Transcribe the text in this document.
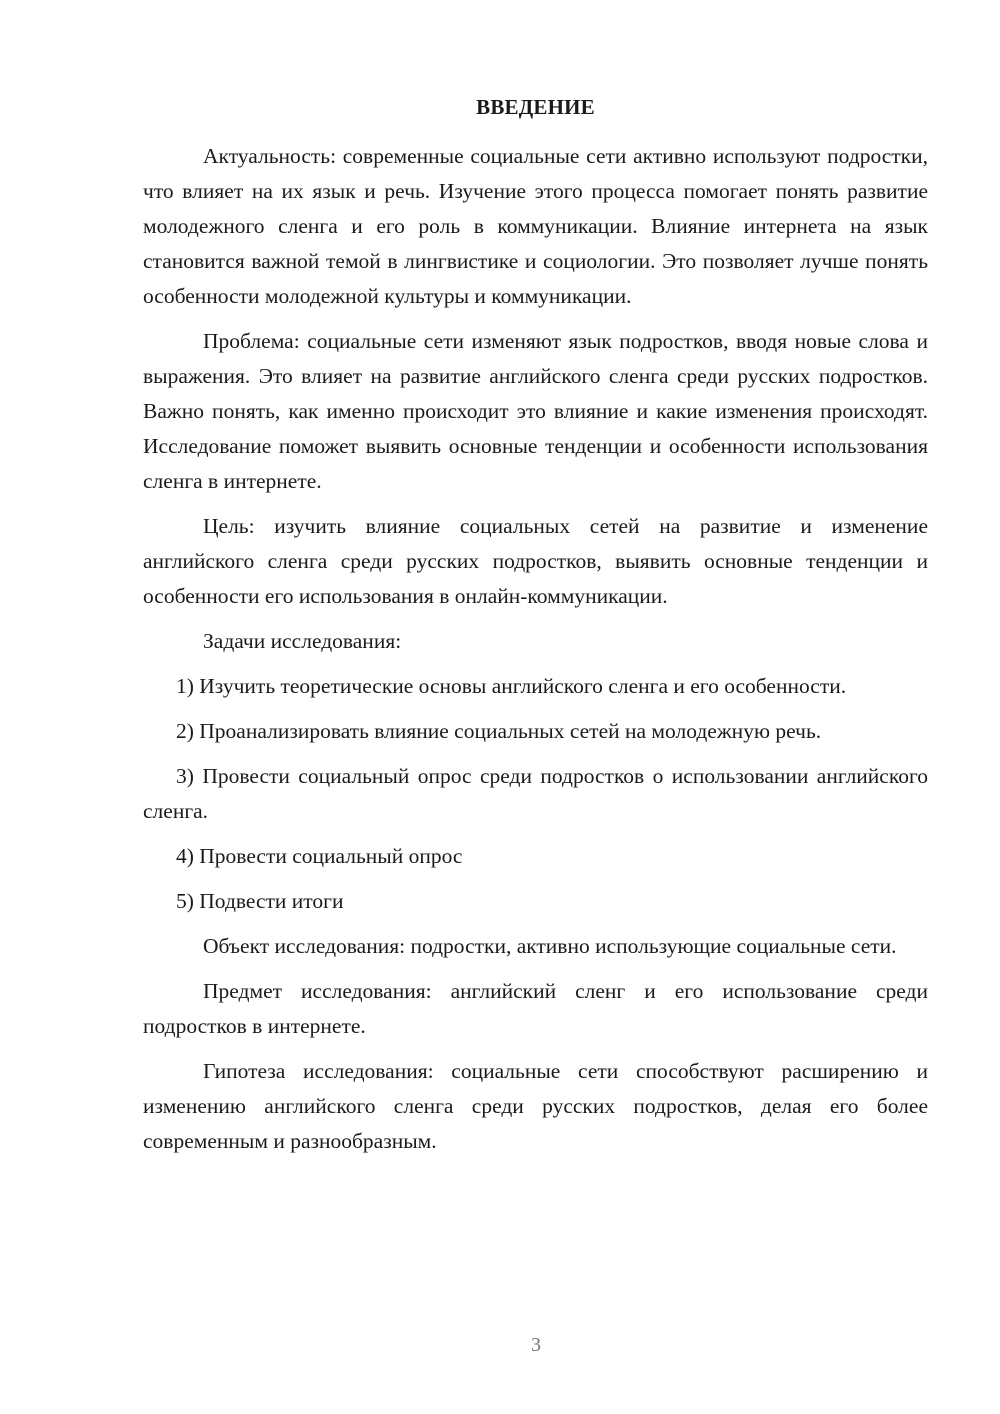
ВВЕДЕНИЕ

Актуальность: современные социальные сети активно используют подростки, что влияет на их язык и речь. Изучение этого процесса помогает понять развитие молодежного сленга и его роль в коммуникации. Влияние интернета на язык становится важной темой в лингвистике и социологии. Это позволяет лучше понять особенности молодежной культуры и коммуникации.

Проблема: социальные сети изменяют язык подростков, вводя новые слова и выражения. Это влияет на развитие английского сленга среди русских подростков. Важно понять, как именно происходит это влияние и какие изменения происходят. Исследование поможет выявить основные тенденции и особенности использования сленга в интернете.

Цель: изучить влияние социальных сетей на развитие и изменение английского сленга среди русских подростков, выявить основные тенденции и особенности его использования в онлайн-коммуникации.

Задачи исследования:

1) Изучить теоретические основы английского сленга и его особенности.

2) Проанализировать влияние социальных сетей на молодежную речь.

3) Провести социальный опрос среди подростков о использовании английского сленга.

4) Провести социальный опрос

5) Подвести итоги

Объект исследования: подростки, активно использующие социальные сети.

Предмет исследования: английский сленг и его использование среди подростков в интернете.

Гипотеза исследования: социальные сети способствуют расширению и изменению английского сленга среди русских подростков, делая его более современным и разнообразным.

3
